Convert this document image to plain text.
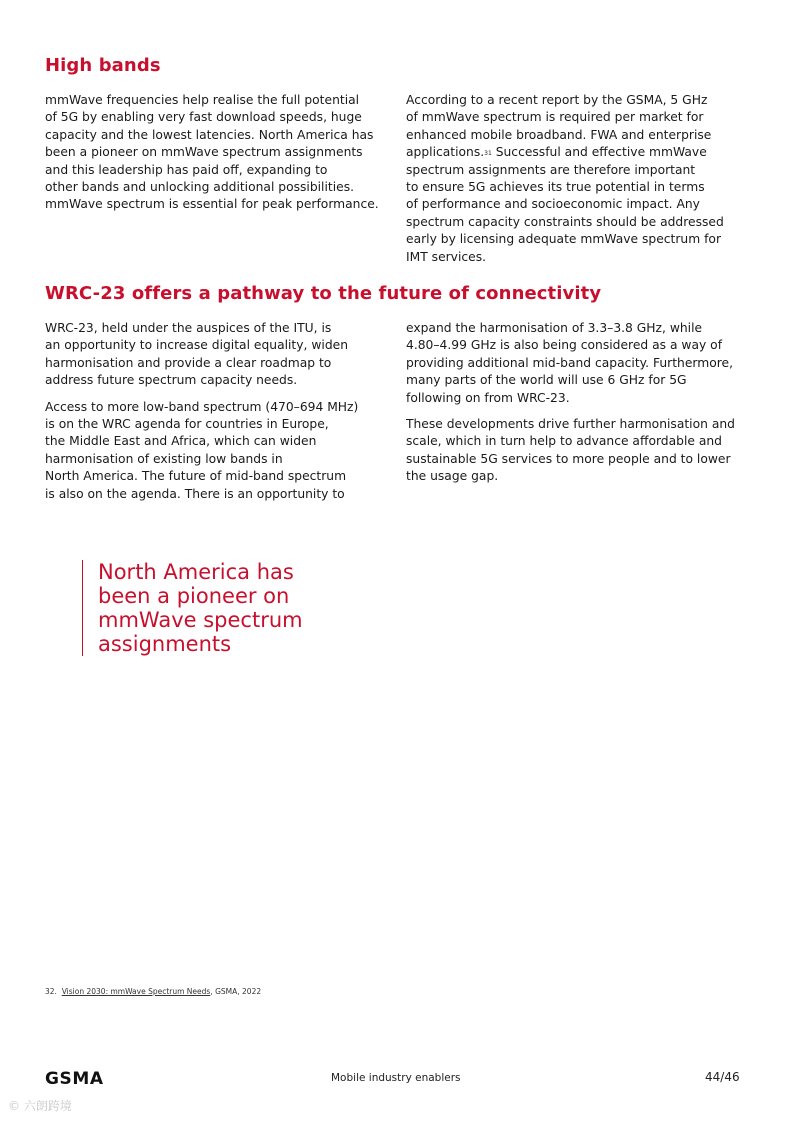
High bands
mmWave frequencies help realise the full potential
of 5G by enabling very fast download speeds, huge
capacity and the lowest latencies. North America has
been a pioneer on mmWave spectrum assignments
and this leadership has paid off, expanding to
other bands and unlocking additional possibilities.
mmWave spectrum is essential for peak performance.
According to a recent report by the GSMA, 5 GHz
of mmWave spectrum is required per market for
enhanced mobile broadband. FWA and enterprise
applications.$^{31}$ Successful and effective mmWave
spectrum assignments are therefore important
to ensure 5G achieves its true potential in terms
of performance and socioeconomic impact. Any
spectrum capacity constraints should be addressed
early by licensing adequate mmWave spectrum for
IMT services.
WRC-23 offers a pathway to the future of connectivity

WRC-23, held under the auspices of the ITU, is
an opportunity to increase digital equality, widen
harmonisation and provide a clear roadmap to
address future spectrum capacity needs.

Access to more low-band spectrum (470–694 MHz)
is on the WRC agenda for countries in Europe,
the Middle East and Africa, which can widen
harmonisation of existing low bands in
North America. The future of mid-band spectrum
is also on the agenda. There is an opportunity to

expand the harmonisation of 3.3–3.8 GHz, while
4.80–4.99 GHz is also being considered as a way of
providing additional mid-band capacity. Furthermore,
many parts of the world will use 6 GHz for 5G
following on from WRC-23.

These developments drive further harmonisation and
scale, which in turn help to advance affordable and
sustainable 5G services to more people and to lower
the usage gap.

North America has
been a pioneer on
mmWave spectrum
assignments
32. Vision 2030: mmWave Spectrum Needs, GSMA, 2022
GSMA	Mobile industry enablers	44/46
© 六朗跨境
